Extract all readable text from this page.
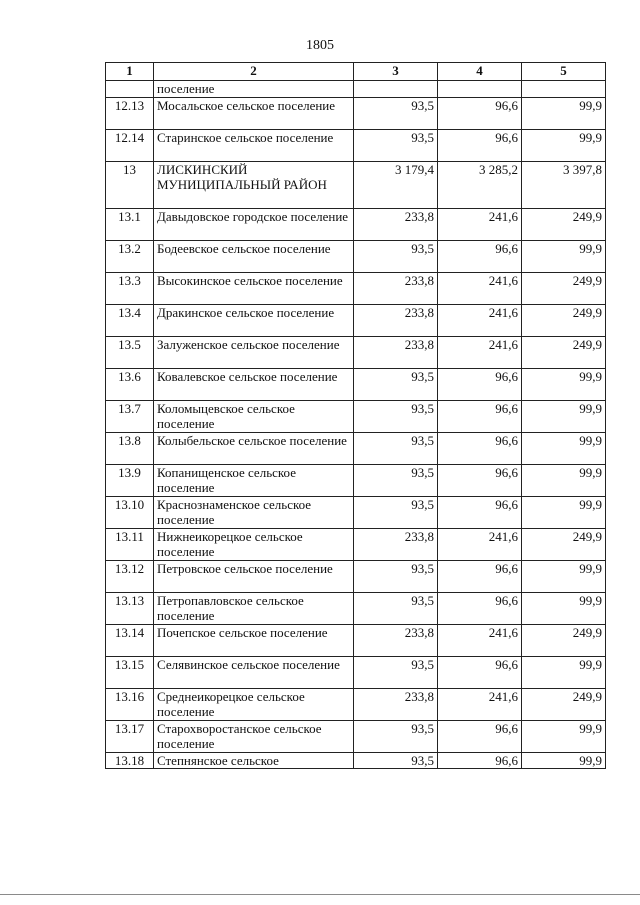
1805
1	2	3	4	5
	поселение			
12.13	Мосальское сельское поселение	93,5	96,6	99,9
12.14	Старинское сельское поселение	93,5	96,6	99,9
13	ЛИСКИНСКИЙ МУНИЦИПАЛЬНЫЙ РАЙОН	3 179,4	3 285,2	3 397,8
13.1	Давыдовское городское поселение	233,8	241,6	249,9
13.2	Бодеевское сельское поселение	93,5	96,6	99,9
13.3	Высокинское сельское поселение	233,8	241,6	249,9
13.4	Дракинское сельское поселение	233,8	241,6	249,9
13.5	Залуженское сельское поселение	233,8	241,6	249,9
13.6	Ковалевское сельское поселение	93,5	96,6	99,9
13.7	Коломыцевское сельское поселение	93,5	96,6	99,9
13.8	Колыбельское сельское поселение	93,5	96,6	99,9
13.9	Копанищенское сельское поселение	93,5	96,6	99,9
13.10	Краснознаменское сельское поселение	93,5	96,6	99,9
13.11	Нижнеикорецкое сельское поселение	233,8	241,6	249,9
13.12	Петровское сельское поселение	93,5	96,6	99,9
13.13	Петропавловское сельское поселение	93,5	96,6	99,9
13.14	Почепское сельское поселение	233,8	241,6	249,9
13.15	Селявинское сельское поселение	93,5	96,6	99,9
13.16	Среднеикорецкое сельское поселение	233,8	241,6	249,9
13.17	Старохворостанское сельское поселение	93,5	96,6	99,9
13.18	Степнянское сельское	93,5	96,6	99,9
